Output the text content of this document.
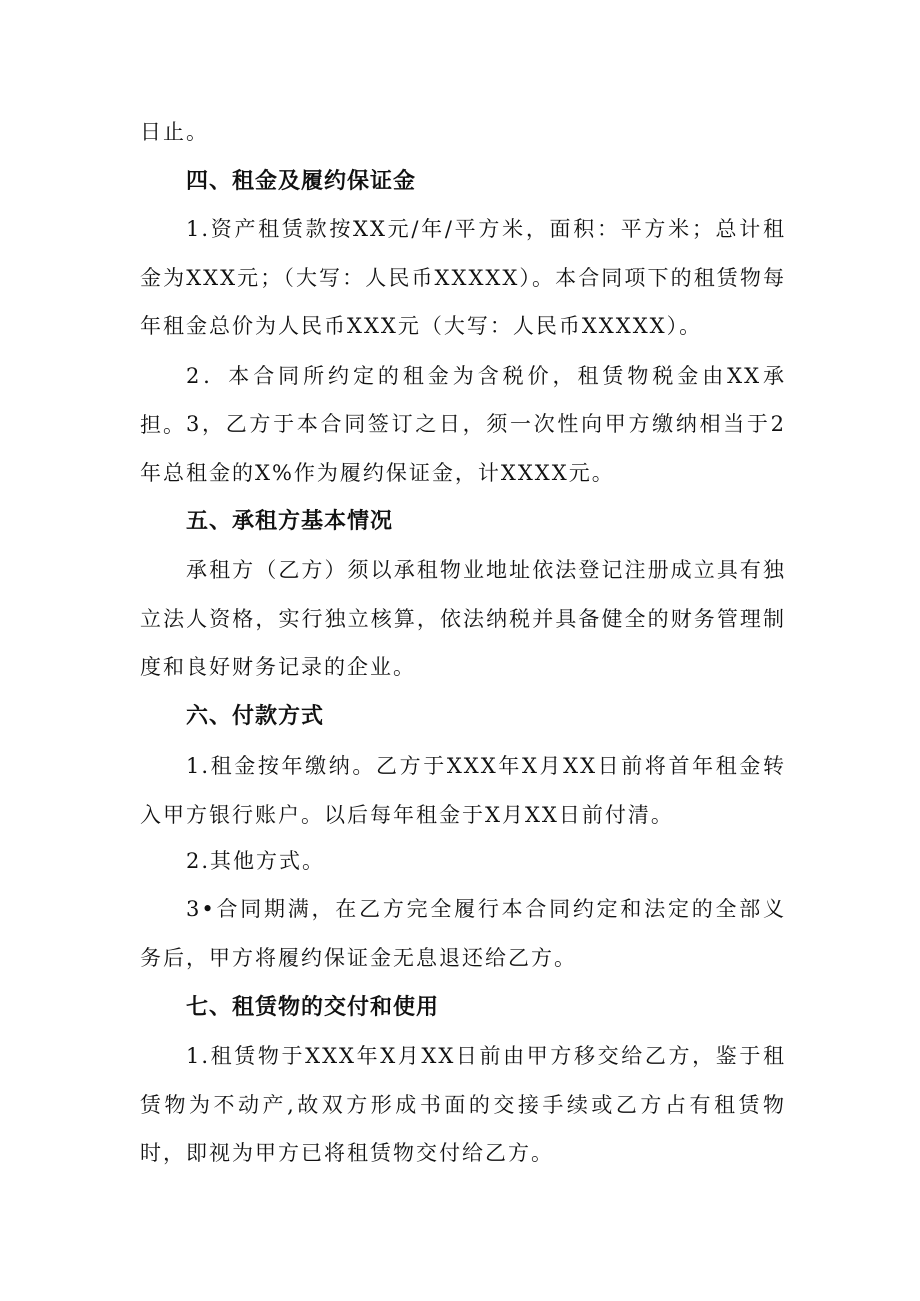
日止。

四、租金及履约保证金

1.资产租赁款按XX元/年/平方米，面积：平方米；总计租金为XXX元；（大写：人民币XXXXX）。本合同项下的租赁物每年租金总价为人民币XXX元（大写：人民币XXXXX）。

2．本合同所约定的租金为含税价，租赁物税金由XX承担。 3，乙方于本合同签订之日，须一次性向甲方缴纳相当于2年总租金的X%作为履约保证金，计XXXX元。

五、承租方基本情况

承租方（乙方）须以承租物业地址依法登记注册成立具有独立法人资格，实行独立核算，依法纳税并具备健全的财务管理制度和良好财务记录的企业。

六、付款方式

1.租金按年缴纳。乙方于XXX年X月XX日前将首年租金转入甲方银行账户。以后每年租金于X月XX日前付清。

2.其他方式。

3•合同期满，在乙方完全履行本合同约定和法定的全部义务后，甲方将履约保证金无息退还给乙方。

七、租赁物的交付和使用

1.租赁物于XXX年X月XX日前由甲方移交给乙方，鉴于租赁物为不动产,故双方形成书面的交接手续或乙方占有租赁物时，即视为甲方已将租赁物交付给乙方。
